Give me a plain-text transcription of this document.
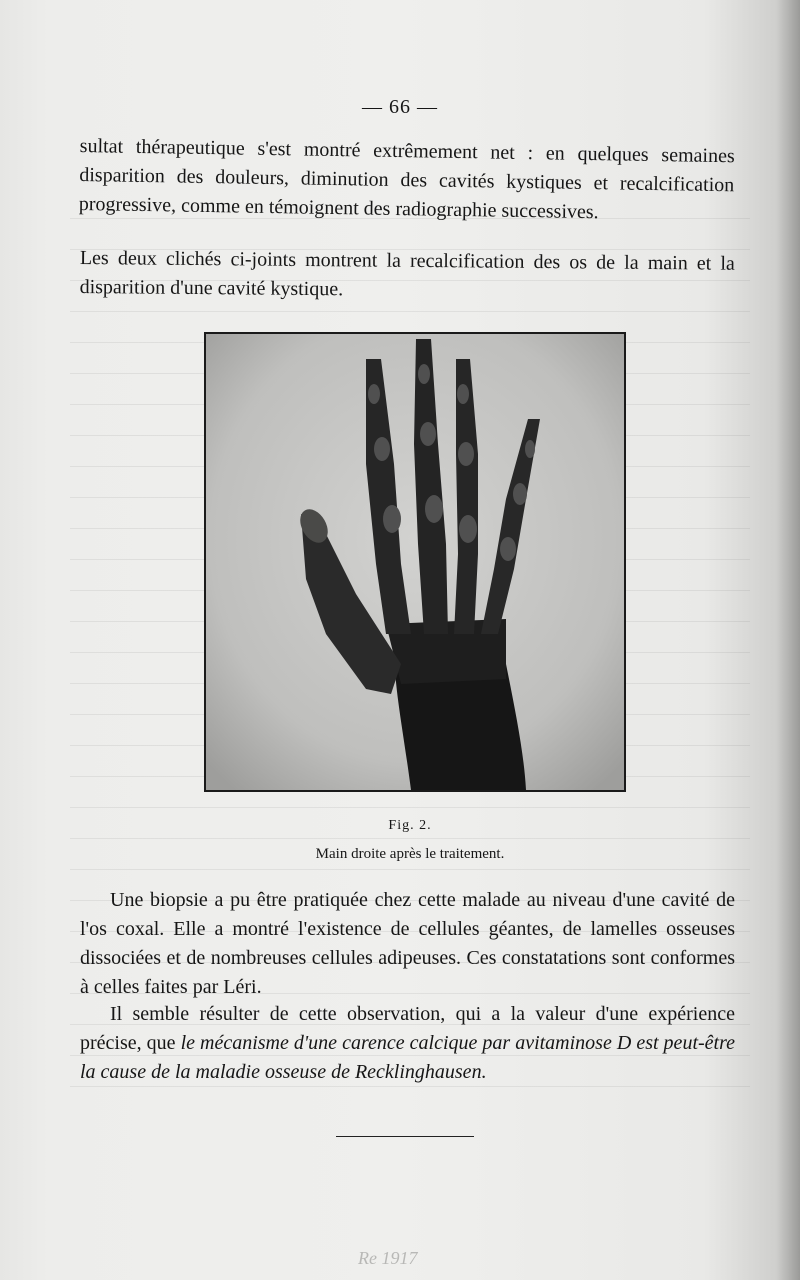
— 66 —

sultat thérapeutique s'est montré extrêmement net : en quelques semaines disparition des douleurs, diminution des cavités kystiques et recalcification progressive, comme en témoignent des radiographie successives.

Les deux clichés ci-joints montrent la recalcification des os de la main et la disparition d'une cavité kystique.

Fig. 2.
Main droite après le traitement.

Une biopsie a pu être pratiquée chez cette malade au niveau d'une cavité de l'os coxal. Elle a montré l'existence de cellules géantes, de lamelles osseuses dissociées et de nombreuses cellules adipeuses. Ces constatations sont conformes à celles faites par Léri.

Il semble résulter de cette observation, qui a la valeur d'une expérience précise, que le mécanisme d'une carence calcique par avitaminose D est peut-être la cause de la maladie osseuse de Recklinghausen.

Re 1917
